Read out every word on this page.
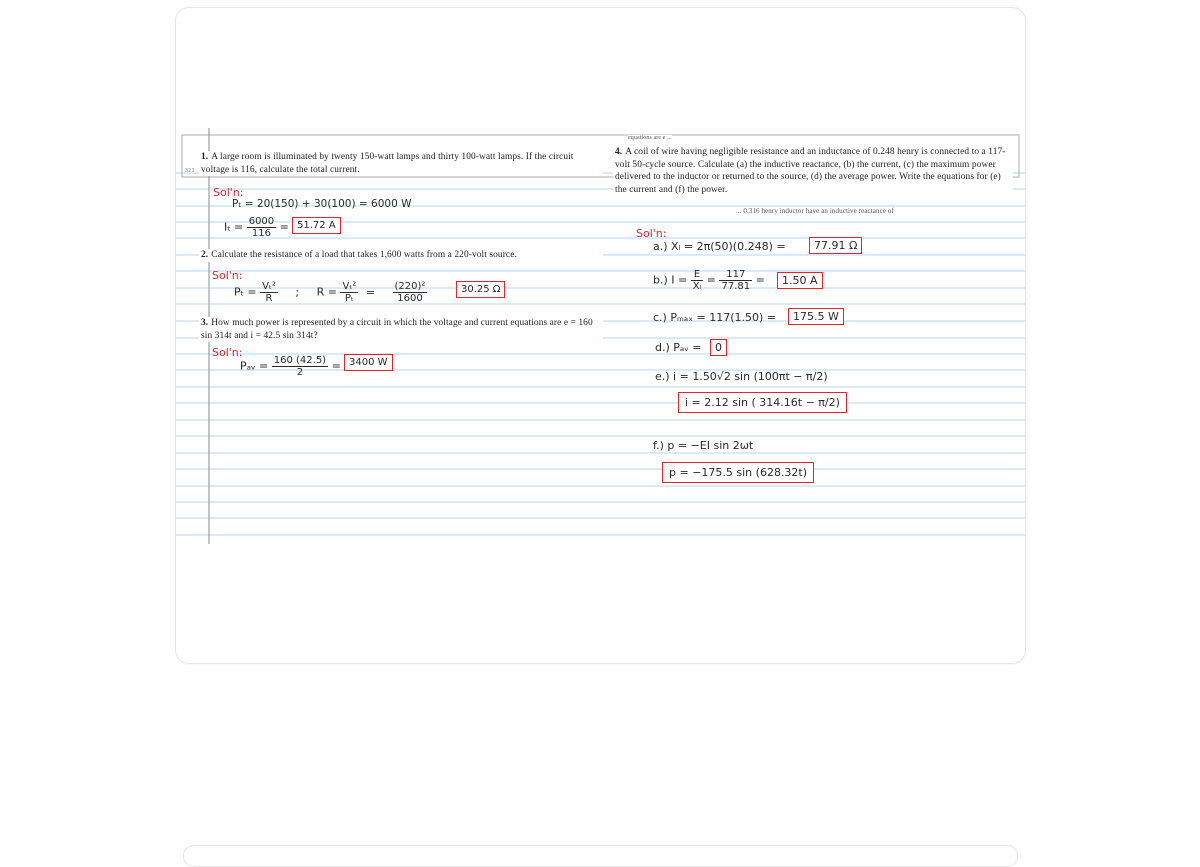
323
1. A large room is illuminated by twenty 150-watt lamps and thirty 100-watt lamps. If the circuit voltage is 116, calculate the total current.
2. Calculate the resistance of a load that takes 1,600 watts from a 220-volt source.
3. How much power is represented by a circuit in which the voltage and current equations are e = 160 sin 314t and i = 42.5 sin 314t?
4. A coil of wire having negligible resistance and an inductance of 0.248 henry is connected to a 117-volt 50-cycle source. Calculate (a) the inductive reactance, (b) the current, (c) the maximum power delivered to the inductor or returned to the source, (d) the average power. Write the equations for (e) the current and (f) the power.
equations are e ...
... 0.316 henry inductor have an inductive reactance of
Sol'n:
Pₜ = 20(150) + 30(100) = 6000 W
$I_t = \frac{6000}{116} = 51.72$ A
Sol'n:
$P_t = \frac{\text{Vₜ²}}{R}$ ; $R = \frac{\text{Vₜ²}}{\text{Pₜ}} = \frac{\text{(220)²}}{1600}$	30.25 Ω
Sol'n:
Pₐᵥ = $\frac{160 (42.5)}{2} = 3400$ W
Sol'n:
a.) Xₗ = 2π(50)(0.248) =	77.91 Ω
b.) $I = \frac{E}{\text{Xₗ}} = \frac{117}{77.81}$ =	1.50 A
c.) Pₘₐₓ = 117(1.50) =	175.5 W
d.) Pₐᵥ =	0
e.) i = 1.50√2 sin (100πt − π/2)
i = 2.12 sin ( 314.16t − π/2)
f.) p = −EI sin 2ωt
p = −175.5 sin (628.32t)
